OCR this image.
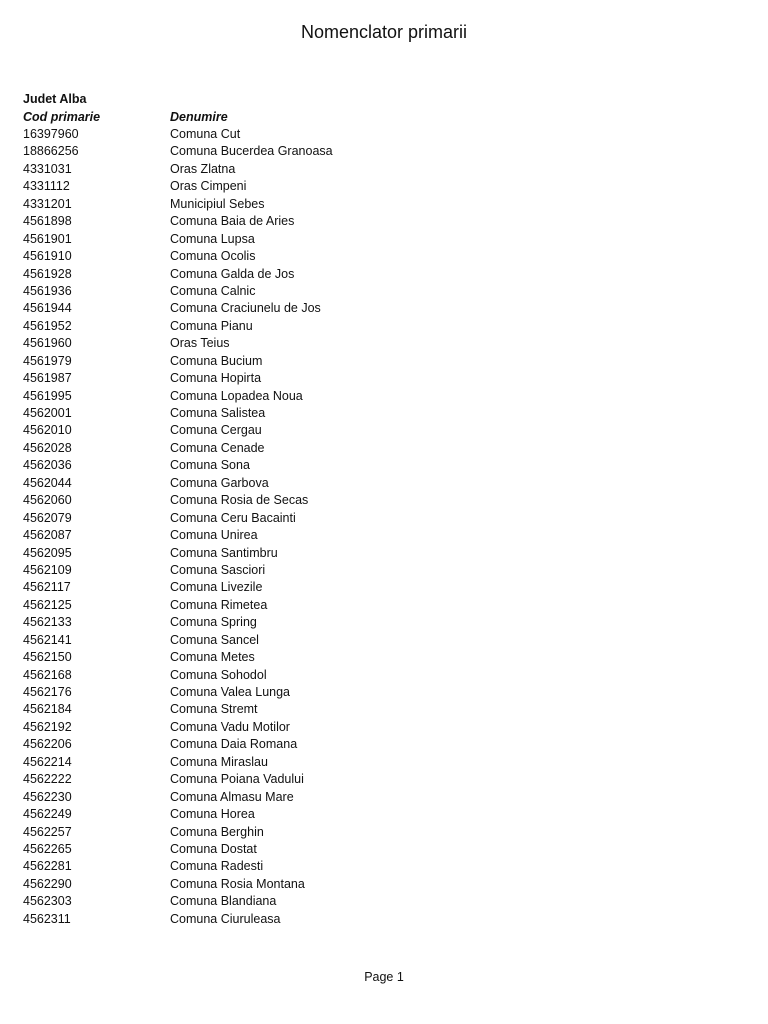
Nomenclator primarii
Judet Alba
Cod primarie	Denumire
16397960	Comuna Cut
18866256	Comuna Bucerdea Granoasa
4331031	Oras Zlatna
4331112	Oras Cimpeni
4331201	Municipiul Sebes
4561898	Comuna Baia de Aries
4561901	Comuna Lupsa
4561910	Comuna Ocolis
4561928	Comuna Galda de Jos
4561936	Comuna Calnic
4561944	Comuna Craciunelu de Jos
4561952	Comuna Pianu
4561960	Oras Teius
4561979	Comuna Bucium
4561987	Comuna Hopirta
4561995	Comuna Lopadea Noua
4562001	Comuna Salistea
4562010	Comuna Cergau
4562028	Comuna Cenade
4562036	Comuna Sona
4562044	Comuna Garbova
4562060	Comuna Rosia de Secas
4562079	Comuna Ceru Bacainti
4562087	Comuna Unirea
4562095	Comuna Santimbru
4562109	Comuna Sasciori
4562117	Comuna Livezile
4562125	Comuna Rimetea
4562133	Comuna Spring
4562141	Comuna Sancel
4562150	Comuna Metes
4562168	Comuna Sohodol
4562176	Comuna Valea Lunga
4562184	Comuna Stremt
4562192	Comuna Vadu Motilor
4562206	Comuna Daia Romana
4562214	Comuna Miraslau
4562222	Comuna Poiana Vadului
4562230	Comuna Almasu Mare
4562249	Comuna Horea
4562257	Comuna Berghin
4562265	Comuna Dostat
4562281	Comuna Radesti
4562290	Comuna Rosia Montana
4562303	Comuna Blandiana
4562311	Comuna Ciuruleasa
Page 1
